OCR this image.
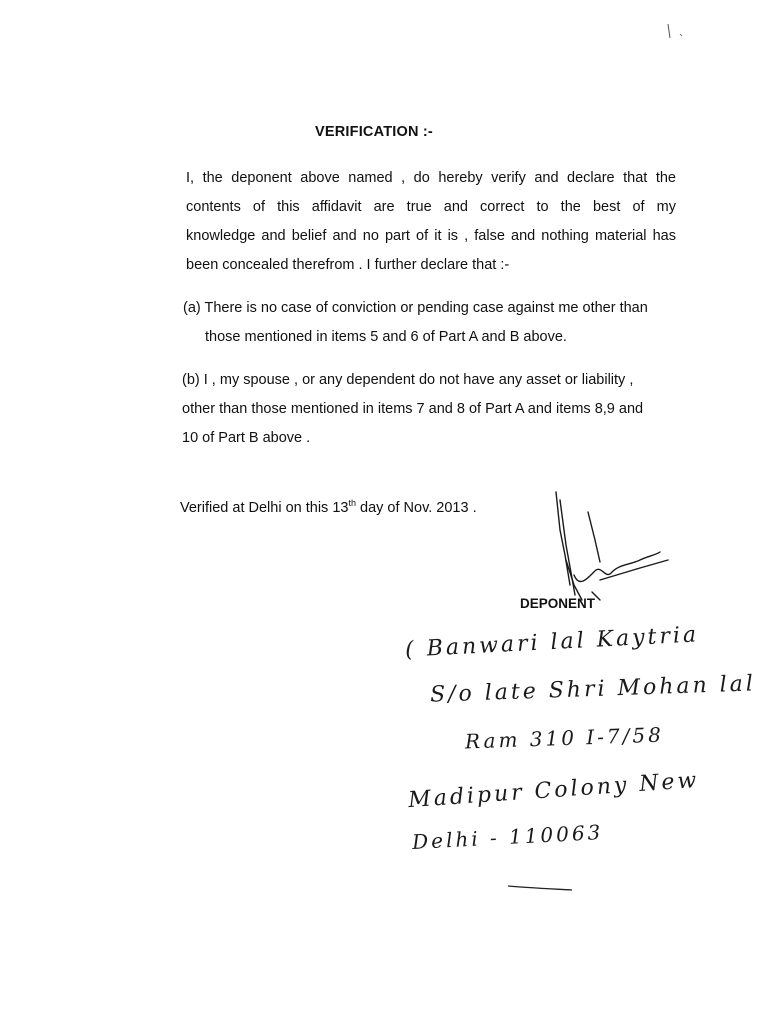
VERIFICATION :-
I, the deponent above named , do hereby verify and declare that the
contents of this affidavit are true and correct to the best of my
knowledge and belief and no part of it is , false and nothing material has
been concealed therefrom . I further declare that :-
(a) There is no case of conviction or pending case against me other than
those mentioned in items 5 and 6 of Part A and B above.
(b) I , my spouse , or any dependent do not have any asset or liability ,
other than those mentioned in items 7 and 8 of Part A and items 8,9 and
10 of Part B above .
Verified at Delhi on this 13th day of Nov. 2013 .
DEPONENT
( Banwari lal Kaytria
S/o late Shri Mohan lal
Ram 310 I-7/58
Madipur Colony New
Delhi - 110063
